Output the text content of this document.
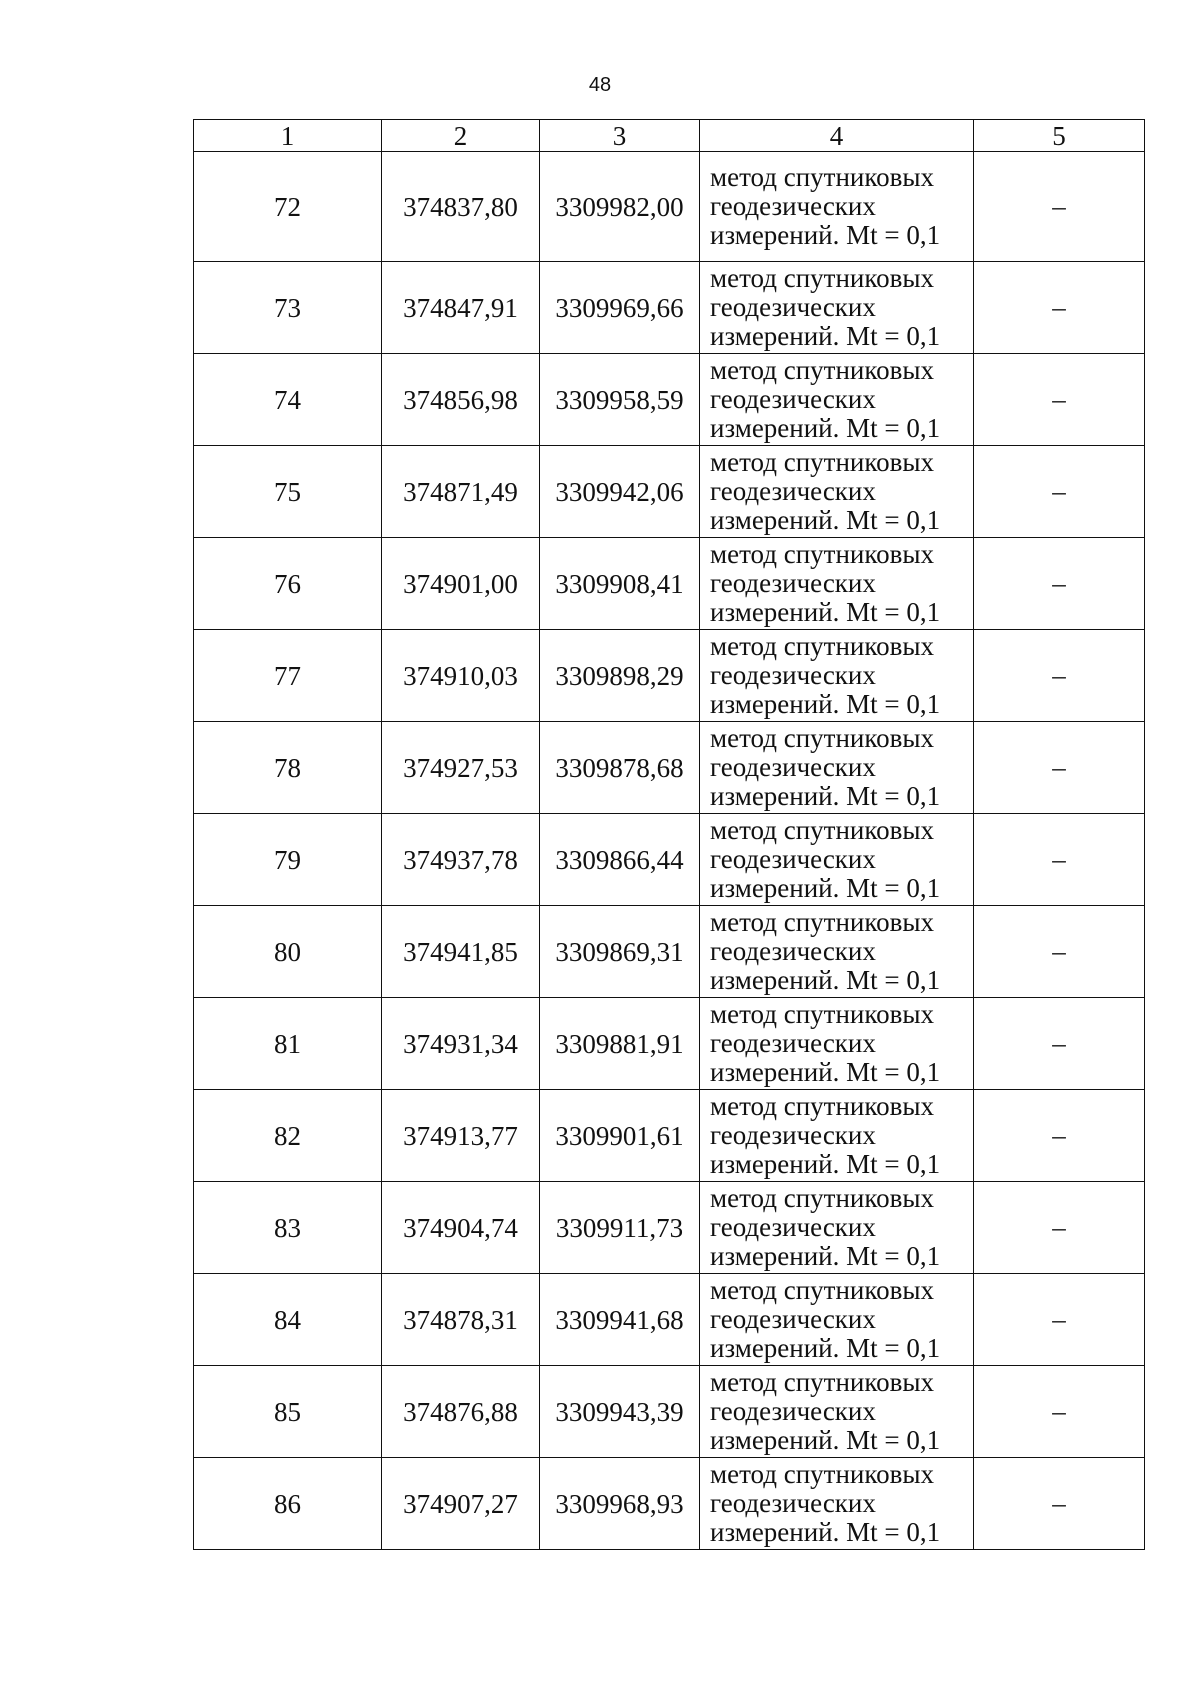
48
1	2	3	4	5
72	374837,80	3309982,00	метод спутниковых
геодезических
измерений. Mt = 0,1	–
73	374847,91	3309969,66	метод спутниковых
геодезических
измерений. Mt = 0,1	–
74	374856,98	3309958,59	метод спутниковых
геодезических
измерений. Mt = 0,1	–
75	374871,49	3309942,06	метод спутниковых
геодезических
измерений. Mt = 0,1	–
76	374901,00	3309908,41	метод спутниковых
геодезических
измерений. Mt = 0,1	–
77	374910,03	3309898,29	метод спутниковых
геодезических
измерений. Mt = 0,1	–
78	374927,53	3309878,68	метод спутниковых
геодезических
измерений. Mt = 0,1	–
79	374937,78	3309866,44	метод спутниковых
геодезических
измерений. Mt = 0,1	–
80	374941,85	3309869,31	метод спутниковых
геодезических
измерений. Mt = 0,1	–
81	374931,34	3309881,91	метод спутниковых
геодезических
измерений. Mt = 0,1	–
82	374913,77	3309901,61	метод спутниковых
геодезических
измерений. Mt = 0,1	–
83	374904,74	3309911,73	метод спутниковых
геодезических
измерений. Mt = 0,1	–
84	374878,31	3309941,68	метод спутниковых
геодезических
измерений. Mt = 0,1	–
85	374876,88	3309943,39	метод спутниковых
геодезических
измерений. Mt = 0,1	–
86	374907,27	3309968,93	метод спутниковых
геодезических
измерений. Mt = 0,1	–
